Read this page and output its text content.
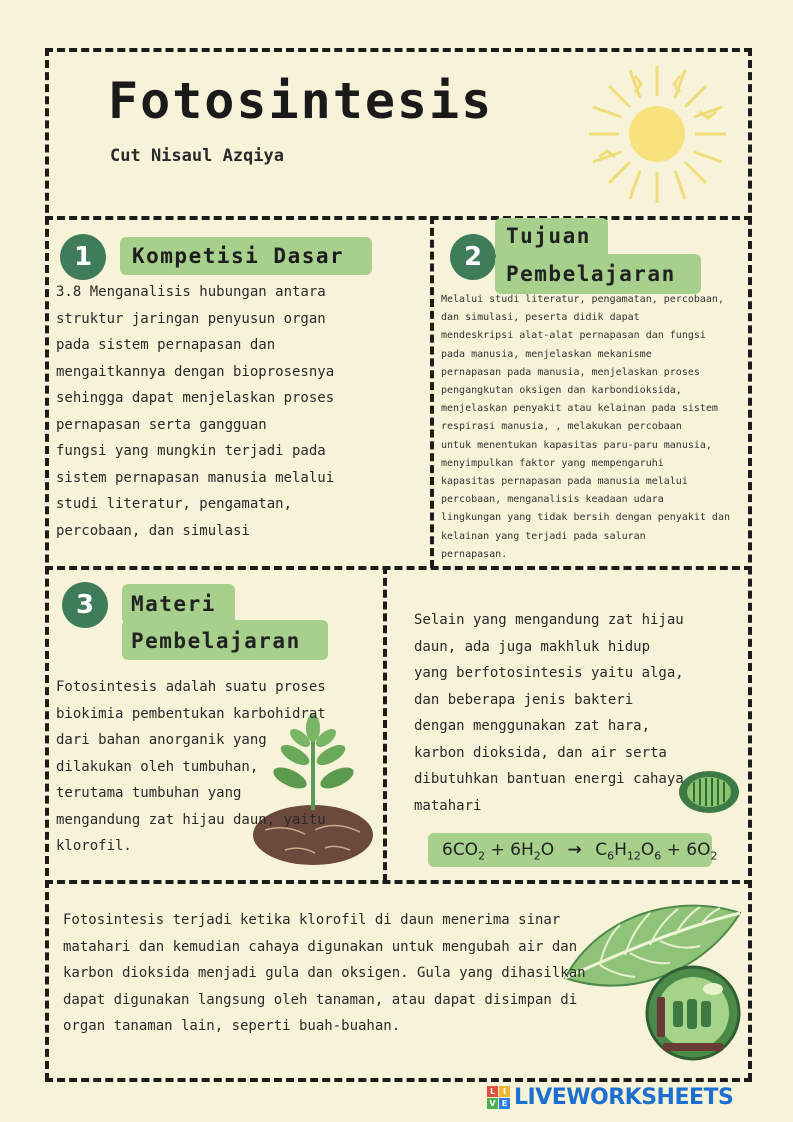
Fotosintesis
Cut Nisaul Azqiya
1	Kompetisi Dasar
3.8 Menganalisis hubungan antara
struktur jaringan penyusun organ
pada sistem pernapasan dan
mengaitkannya dengan bioprosesnya
sehingga dapat menjelaskan proses
pernapasan serta gangguan
fungsi yang mungkin terjadi pada
sistem pernapasan manusia melalui
studi literatur, pengamatan,
percobaan, dan simulasi
2
Tujuan
Pembelajaran
Melalui studi literatur, pengamatan, percobaan,
dan simulasi, peserta didik dapat
mendeskripsi alat-alat pernapasan dan fungsi
pada manusia, menjelaskan mekanisme
pernapasan pada manusia, menjelaskan proses
pengangkutan oksigen dan karbondioksida,
menjelaskan penyakit atau kelainan pada sistem
respirasi manusia, , melakukan percobaan
untuk menentukan kapasitas paru-paru manusia,
menyimpulkan faktor yang mempengaruhi
kapasitas pernapasan pada manusia melalui
percobaan, menganalisis keadaan udara
lingkungan yang tidak bersih dengan penyakit dan
kelainan yang terjadi pada saluran
pernapasan.
3	Materi
Pembelajaran
Fotosintesis adalah suatu proses
biokimia pembentukan karbohidrat
dari bahan anorganik yang
dilakukan oleh tumbuhan,
terutama tumbuhan yang
mengandung zat hijau daun, yaitu
klorofil.
Selain yang mengandung zat hijau
daun, ada juga makhluk hidup
yang berfotosintesis yaitu alga,
dan beberapa jenis bakteri
dengan menggunakan zat hara,
karbon dioksida, dan air serta
dibutuhkan bantuan energi cahaya
matahari
$6CO_2 + 6H_2O \to C_6H_{12}O_6 + 6O_2$
Fotosintesis terjadi ketika klorofil di daun menerima sinar
matahari dan kemudian cahaya digunakan untuk mengubah air dan
karbon dioksida menjadi gula dan oksigen. Gula yang dihasilkan
dapat digunakan langsung oleh tanaman, atau dapat disimpan di
organ tanaman lain, seperti buah-buahan.
L I
V E LIVEWORKSHEETS
